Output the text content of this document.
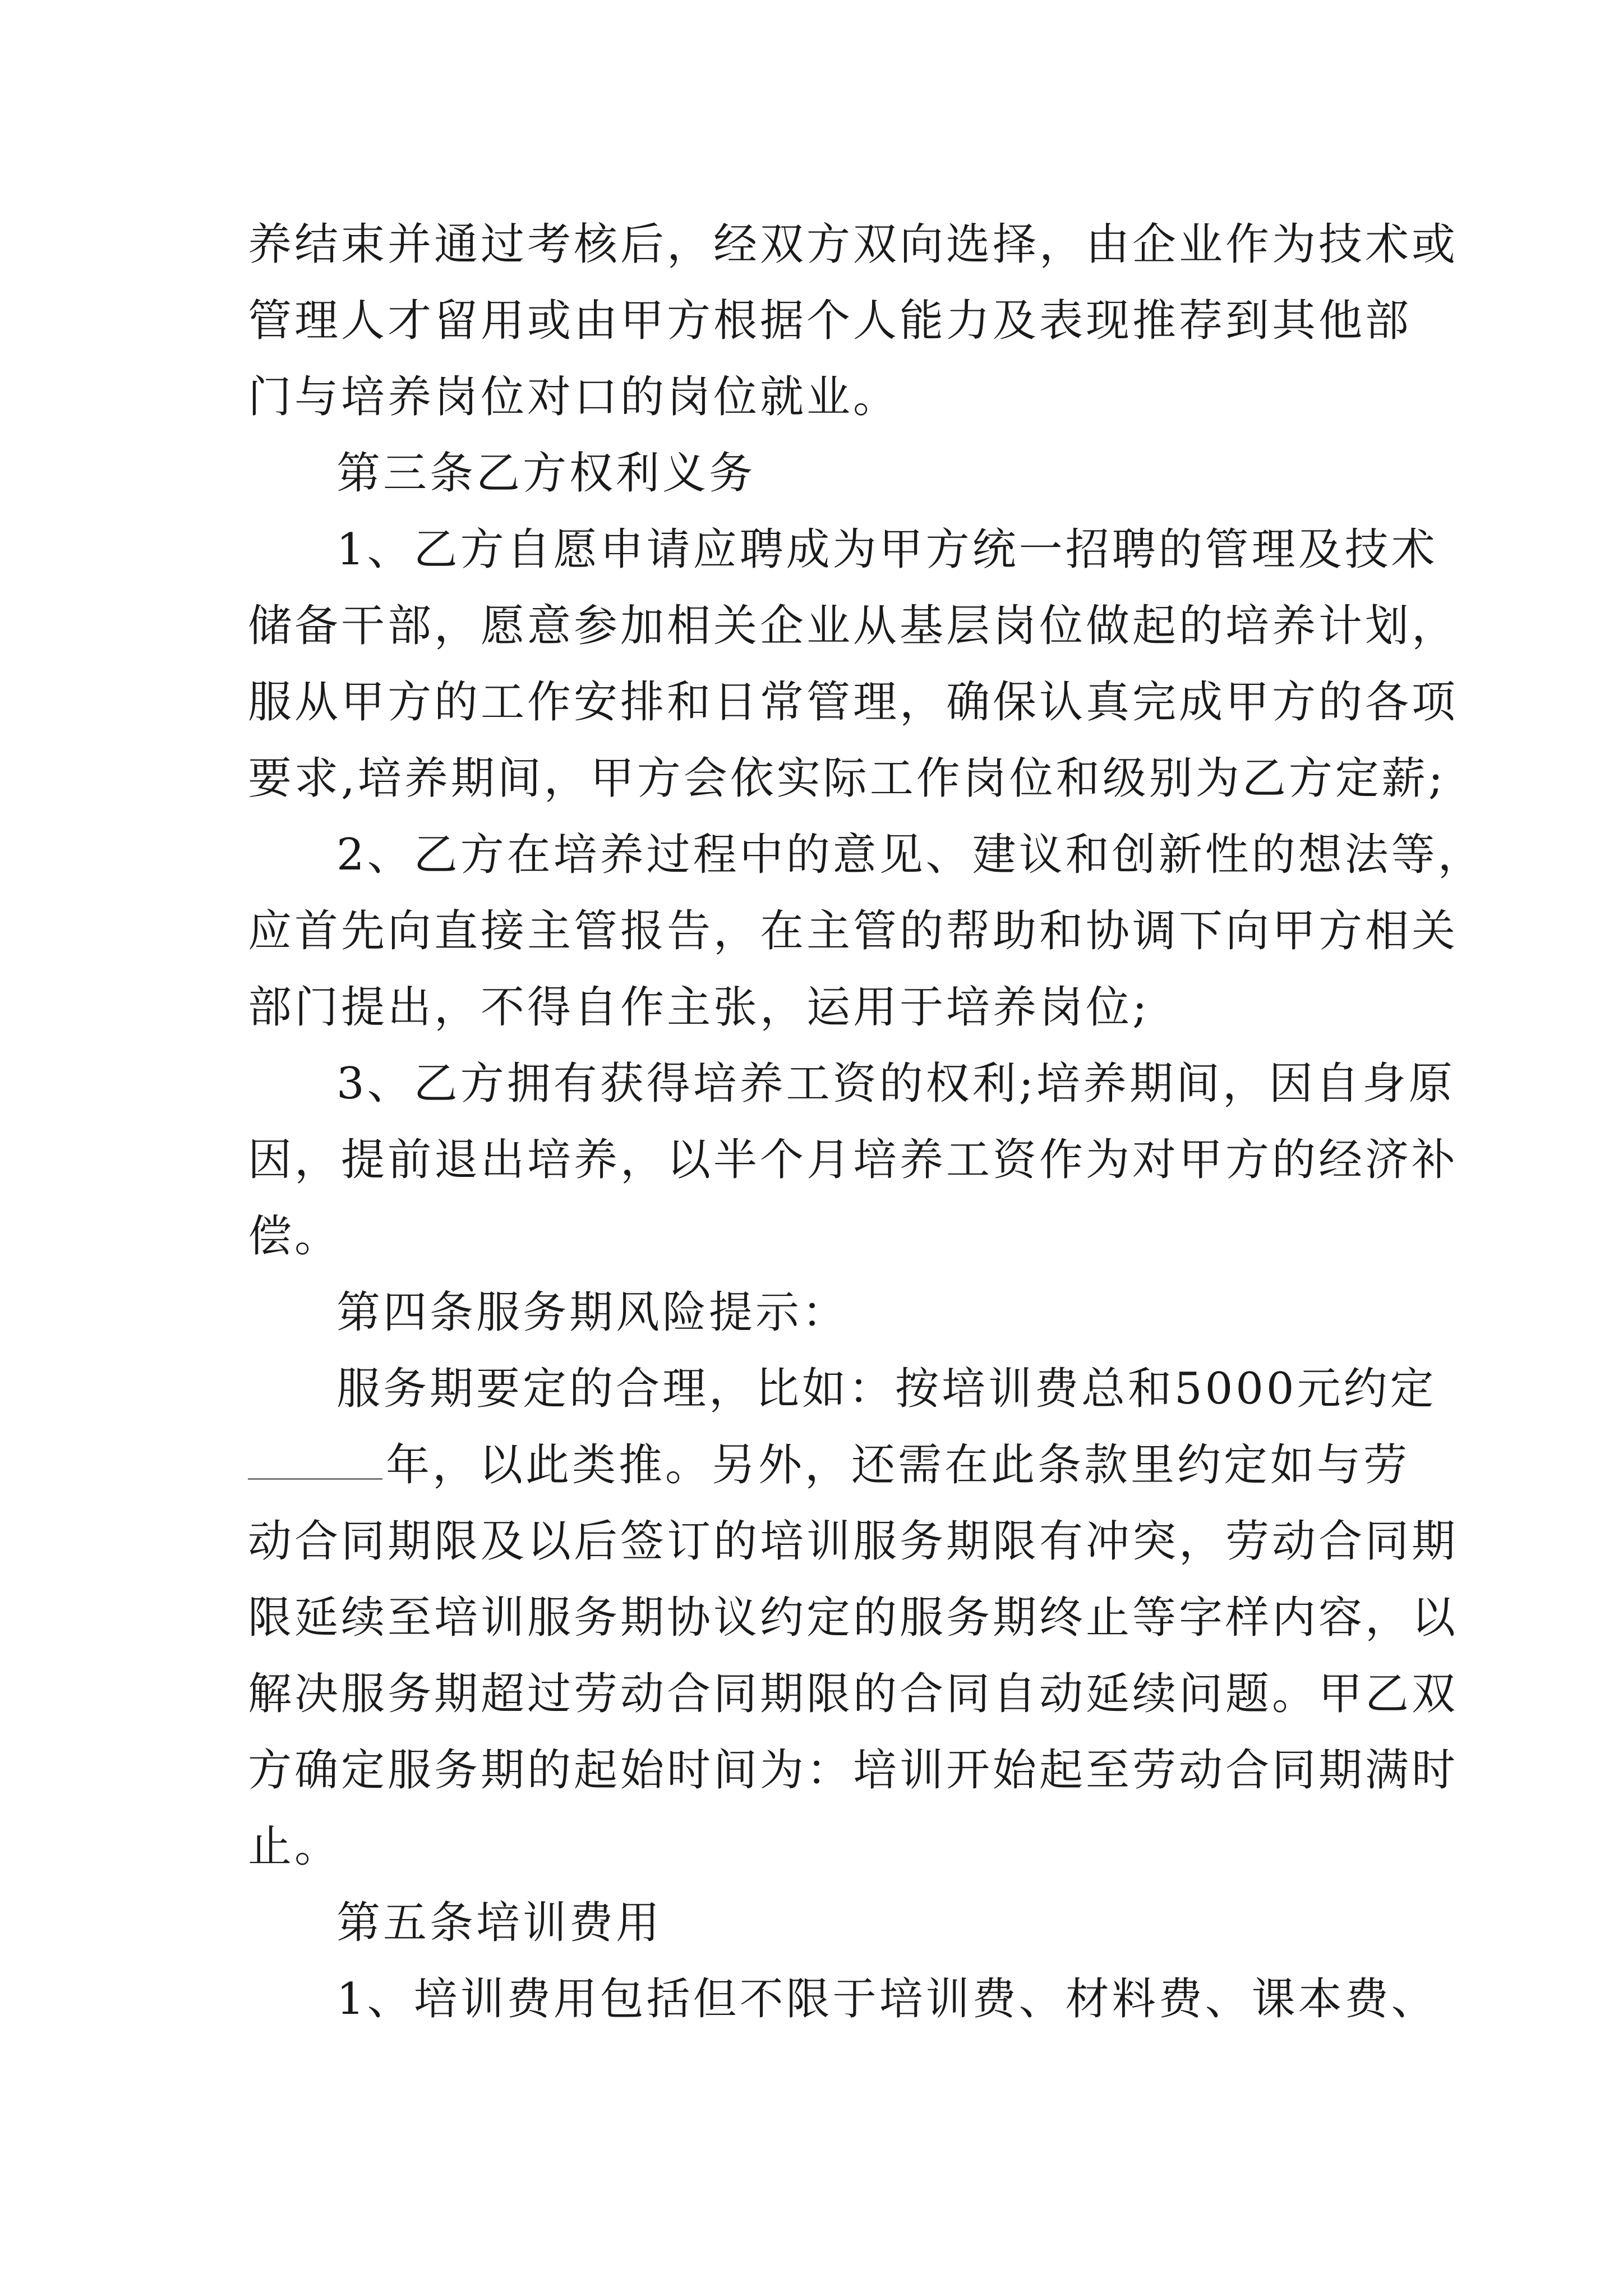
养结束并通过考核后，经双方双向选择，由企业作为技术或
管理人才留用或由甲方根据个人能力及表现推荐到其他部
门与培养岗位对口的岗位就业。
第三条乙方权利义务
1、乙方自愿申请应聘成为甲方统一招聘的管理及技术
储备干部，愿意参加相关企业从基层岗位做起的培养计划，
服从甲方的工作安排和日常管理，确保认真完成甲方的各项
要求,培养期间，甲方会依实际工作岗位和级别为乙方定薪;
2、乙方在培养过程中的意见、建议和创新性的想法等，
应首先向直接主管报告，在主管的帮助和协调下向甲方相关
部门提出，不得自作主张，运用于培养岗位;
3、乙方拥有获得培养工资的权利;培养期间，因自身原
因，提前退出培养，以半个月培养工资作为对甲方的经济补
偿。
第四条服务期风险提示：
服务期要定的合理，比如：按培训费总和5000元约定
年，以此类推。另外，还需在此条款里约定如与劳
动合同期限及以后签订的培训服务期限有冲突，劳动合同期
限延续至培训服务期协议约定的服务期终止等字样内容，以
解决服务期超过劳动合同期限的合同自动延续问题。甲乙双
方确定服务期的起始时间为：培训开始起至劳动合同期满时
止。
第五条培训费用
1、培训费用包括但不限于培训费、材料费、课本费、
